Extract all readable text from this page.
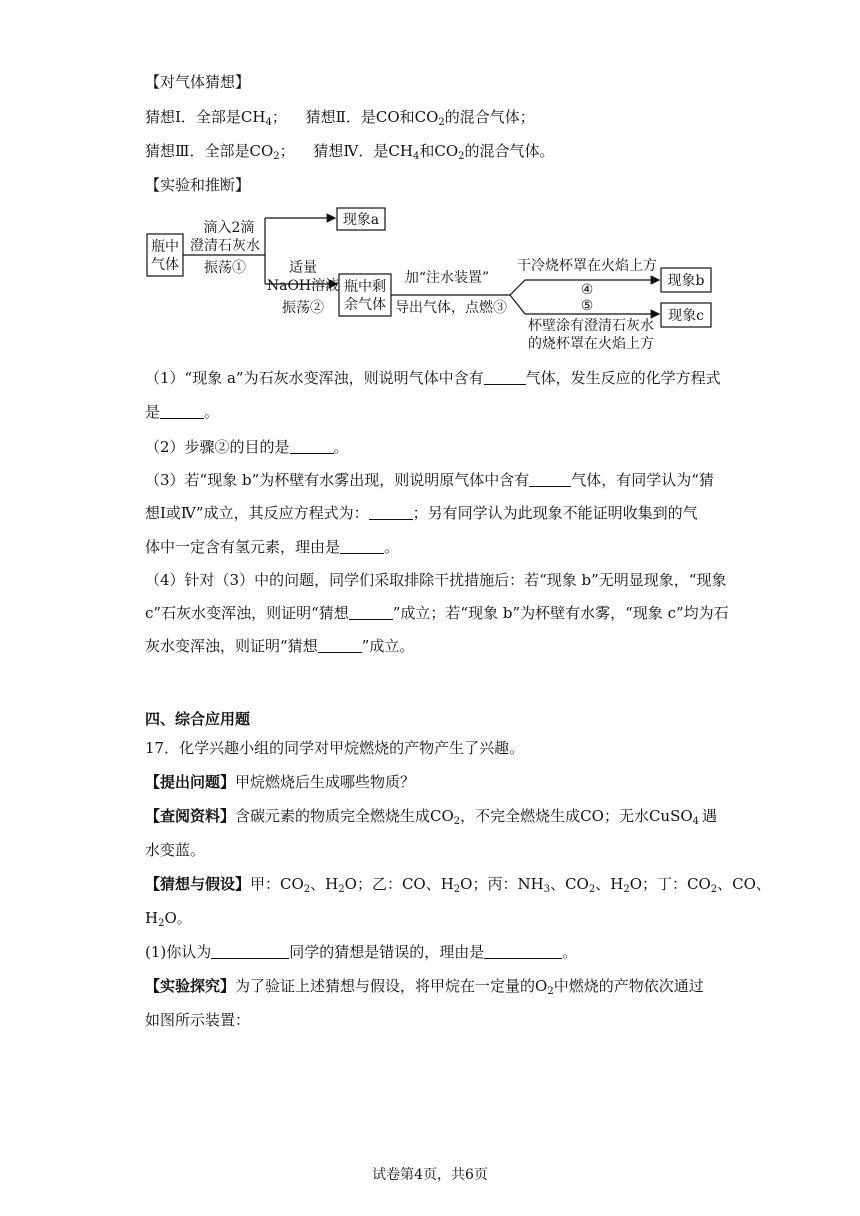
【对气体猜想】
猜想Ⅰ．全部是$CH_4$； 猜想Ⅱ．是CO和$CO_2$的混合气体；
猜想Ⅲ．全部是$CO_2$； 猜想Ⅳ．是$CH_4$和$CO_2$的混合气体。
【实验和推断】
瓶中
气体
滴入2滴
澄清石灰水
振荡①
现象a
适量
NaOH溶液
振荡②
瓶中剩
余气体
加“注水装置”
导出气体，点燃③
干冷烧杯罩在火焰上方
④
⑤
杯壁涂有澄清石灰水
的烧杯罩在火焰上方
现象b
现象c
（1）“现象 a”为石灰水变浑浊，则说明气体中含有	气体，发生反应的化学方程式
是	。
（2）步骤②的目的是	。
（3）若“现象 b”为杯壁有水雾出现，则说明原气体中含有	气体，有同学认为“猜
想Ⅰ或Ⅳ”成立，其反应方程式为：	；另有同学认为此现象不能证明收集到的气
体中一定含有氢元素，理由是	。
（4）针对（3）中的问题，同学们采取排除干扰措施后：若“现象 b”无明显现象，“现象
c”石灰水变浑浊，则证明“猜想	”成立；若“现象 b”为杯壁有水雾，“现象 c”均为石
灰水变浑浊，则证明“猜想	”成立。
四、综合应用题
17．化学兴趣小组的同学对甲烷燃烧的产物产生了兴趣。
【提出问题】甲烷燃烧后生成哪些物质？
【查阅资料】含碳元素的物质完全燃烧生成$CO_2$，不完全燃烧生成CO；无水CuSO$_4$ 遇
水变蓝。
【猜想与假设】甲：$CO_2$、$H_2O$；乙：CO、$H_2O$；丙：$NH_3$、$CO_2$、$H_2O$；丁：$CO_2$、CO、
$H_2O$。
(1)你认为	同学的猜想是错误的，理由是	。
【实验探究】为了验证上述猜想与假设，将甲烷在一定量的$O_2$中燃烧的产物依次通过
如图所示装置：
试卷第4页，共6页
